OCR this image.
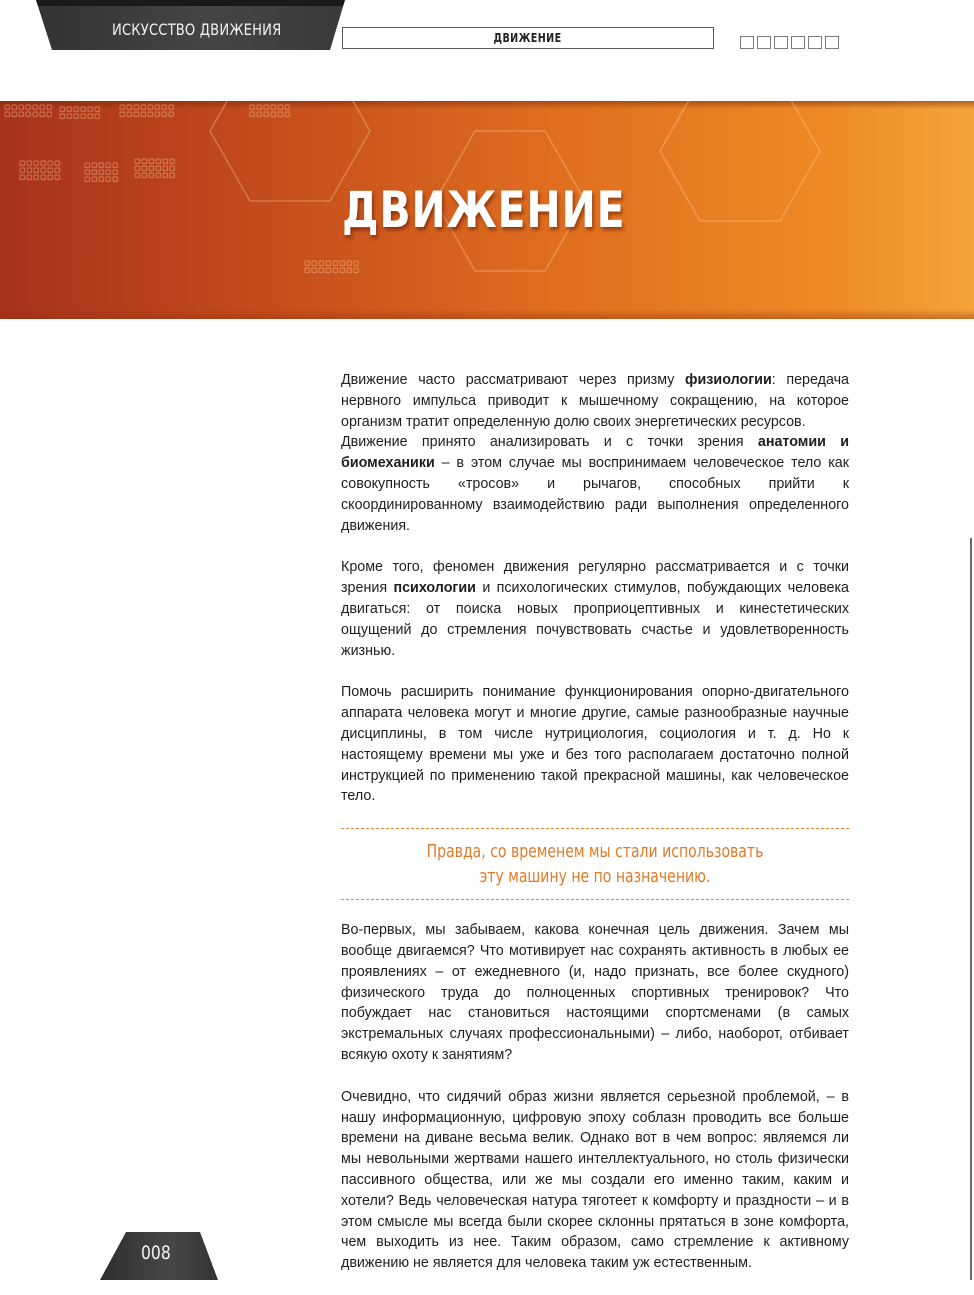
ИСКУССТВО ДВИЖЕНИЯ	ДВИЖЕНИЕ
ДВИЖЕНИЕ

Движение часто рассматривают через призму физиологии: передача нервного импульса приводит к мышечному сокращению, на которое организм тратит определенную долю своих энергетических ресурсов.

Движение принято анализировать и с точки зрения анатомии и биомеханики – в этом случае мы воспринимаем человеческое тело как совокупность «тросов» и рычагов, способных прийти к скоординированному взаимодействию ради выполнения определенного движения.

Кроме того, феномен движения регулярно рассматривается и с точки зрения психологии и психологических стимулов, побуждающих человека двигаться: от поиска новых проприоцептивных и кинестетических ощущений до стремления почувствовать счастье и удовлетворенность жизнью.

Помочь расширить понимание функционирования опорно-двигательного аппарата человека могут и многие другие, самые разнообразные научные дисциплины, в том числе нутрициология, социология и т. д. Но к настоящему времени мы уже и без того располагаем достаточно полной инструкцией по применению такой прекрасной машины, как человеческое тело.

Правда, со временем мы стали использовать
эту машину не по назначению.

Во-первых, мы забываем, какова конечная цель движения. Зачем мы вообще двигаемся? Что мотивирует нас сохранять активность в любых ее проявлениях – от ежедневного (и, надо признать, все более скудного) физического труда до полноценных спортивных тренировок? Что побуждает нас становиться настоящими спортсменами (в самых экстремальных случаях профессиональными) – либо, наоборот, отбивает всякую охоту к занятиям?

Очевидно, что сидячий образ жизни является серьезной проблемой, – в нашу информационную, цифровую эпоху соблазн проводить все больше времени на диване весьма велик. Однако вот в чем вопрос: являемся ли мы невольными жертвами нашего интеллектуального, но столь физически пассивного общества, или же мы создали его именно таким, каким и хотели? Ведь человеческая натура тяготеет к комфорту и праздности – и в этом смысле мы всегда были скорее склонны прятаться в зоне комфорта, чем выходить из нее. Таким образом, само стремление к активному движению не является для человека таким уж естественным.

008
